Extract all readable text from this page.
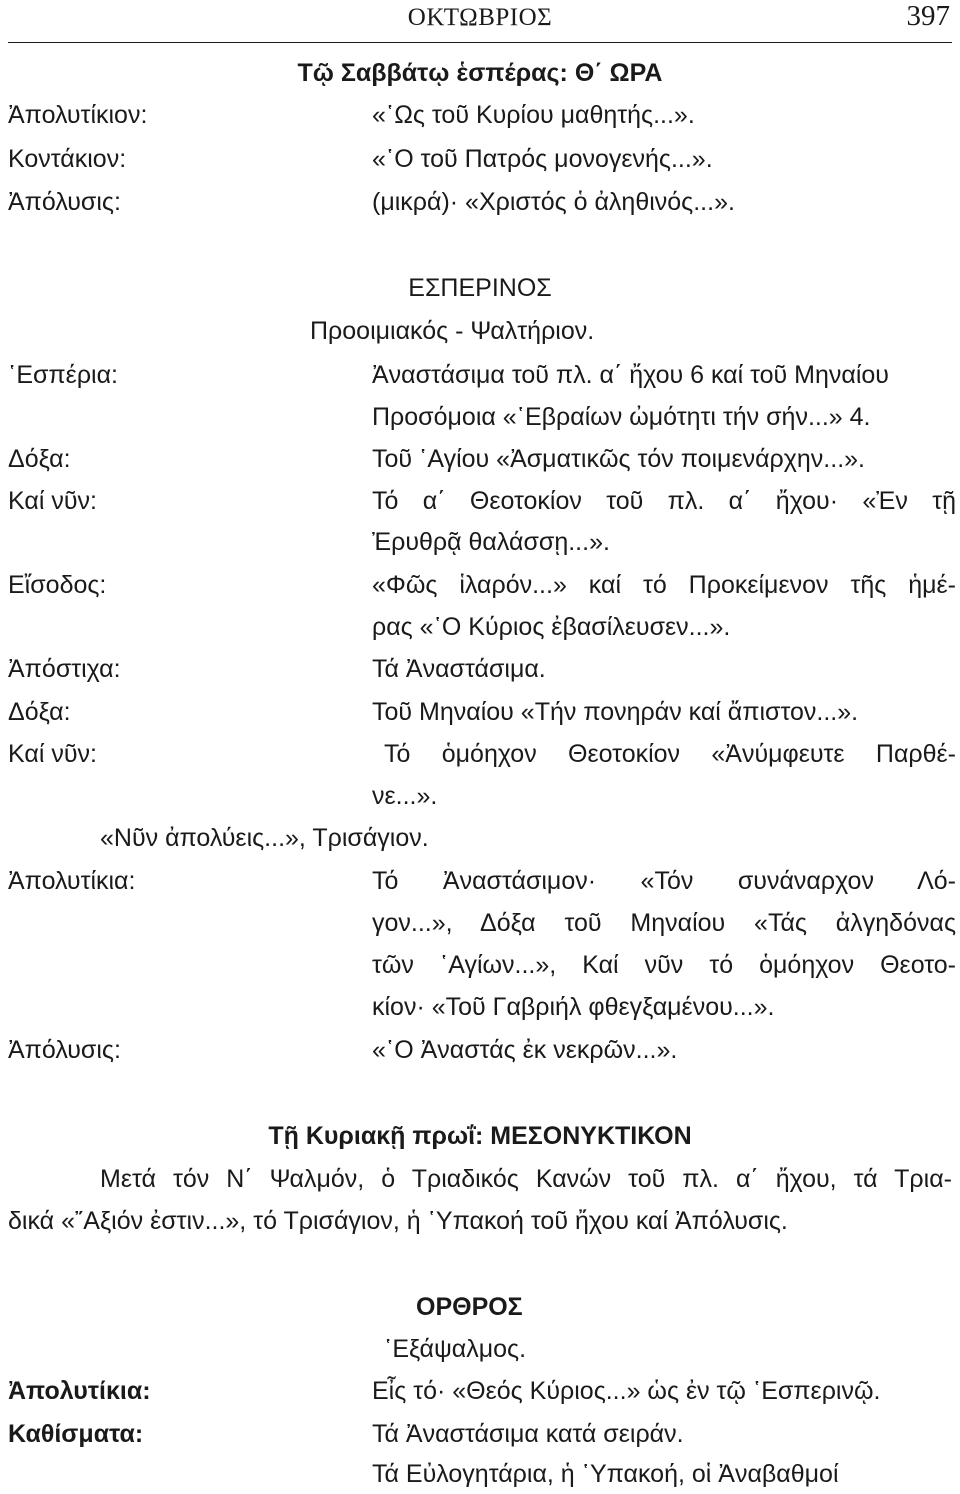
ΟΚΤΩΒΡΙΟΣ	397
Τῷ Σαββάτῳ ἑσπέρας: Θ΄ ΩΡΑ
Ἀπολυτίκιον:	«῾Ως τοῦ Κυρίου μαθητής...».
Κοντάκιον:	«῾Ο τοῦ Πατρός μονογενής...».
Ἀπόλυσις:	(μικρά)· «Χριστός ὁ ἀληθινός...».
ΕΣΠΕΡΙΝΟΣ
Προοιμιακός - Ψαλτήριον.
῾Εσπέρια:	Ἀναστάσιμα τοῦ πλ. α΄ ἤχου 6 καί τοῦ Μηναίου
Προσόμοια «῾Εβραίων ὠμότητι τήν σήν...» 4.
Δόξα:	Τοῦ ῾Αγίου «Ἀσματικῶς τόν ποιμενάρχην...».
Καί νῦν:	Τό α΄ Θεοτοκίον τοῦ πλ. α΄ ἤχου· «Ἐν τῇ
Ἐρυθρᾷ θαλάσσῃ...».
Εἴσοδος:	«Φῶς ἱλαρόν...» καί τό Προκείμενον τῆς ἡμέ-
ρας «῾Ο Κύριος ἐβασίλευσεν...».
Ἀπόστιχα:	Τά Ἀναστάσιμα.
Δόξα:	Τοῦ Μηναίου «Τήν πονηράν καί ἄπιστον...».
Καί νῦν:	Τό ὁμόηχον Θεοτοκίον «Ἀνύμφευτε Παρθέ-
νε...».
«Νῦν ἀπολύεις...», Τρισάγιον.
Ἀπολυτίκια:	Τό Ἀναστάσιμον· «Τόν συνάναρχον Λό-
γον...», Δόξα τοῦ Μηναίου «Τάς ἀλγηδόνας
τῶν ῾Αγίων...», Καί νῦν τό ὁμόηχον Θεοτο-
κίον· «Τοῦ Γαβριήλ φθεγξαμένου...».
Ἀπόλυσις:	«῾Ο Ἀναστάς ἐκ νεκρῶν...».
Τῇ Κυριακῇ πρωΐ: ΜΕΣΟΝΥΚΤΙΚΟΝ
Μετά τόν Ν΄ Ψαλμόν, ὁ Τριαδικός Κανών τοῦ πλ. α΄ ἤχου, τά Τρια-
δικά «῎Αξιόν ἐστιν...», τό Τρισάγιον, ἡ ῾Υπακοή τοῦ ἤχου καί Ἀπόλυσις.
ΟΡΘΡΟΣ
῾Εξάψαλμος.
Ἀπολυτίκια:	Εἶς τό· «Θεός Κύριος...» ὡς ἐν τῷ ῾Εσπερινῷ.
Καθίσματα:	Τά Ἀναστάσιμα κατά σειράν.
Τά Εὐλογητάρια, ἡ ῾Υπακοή, οἱ Ἀναβαθμοί
